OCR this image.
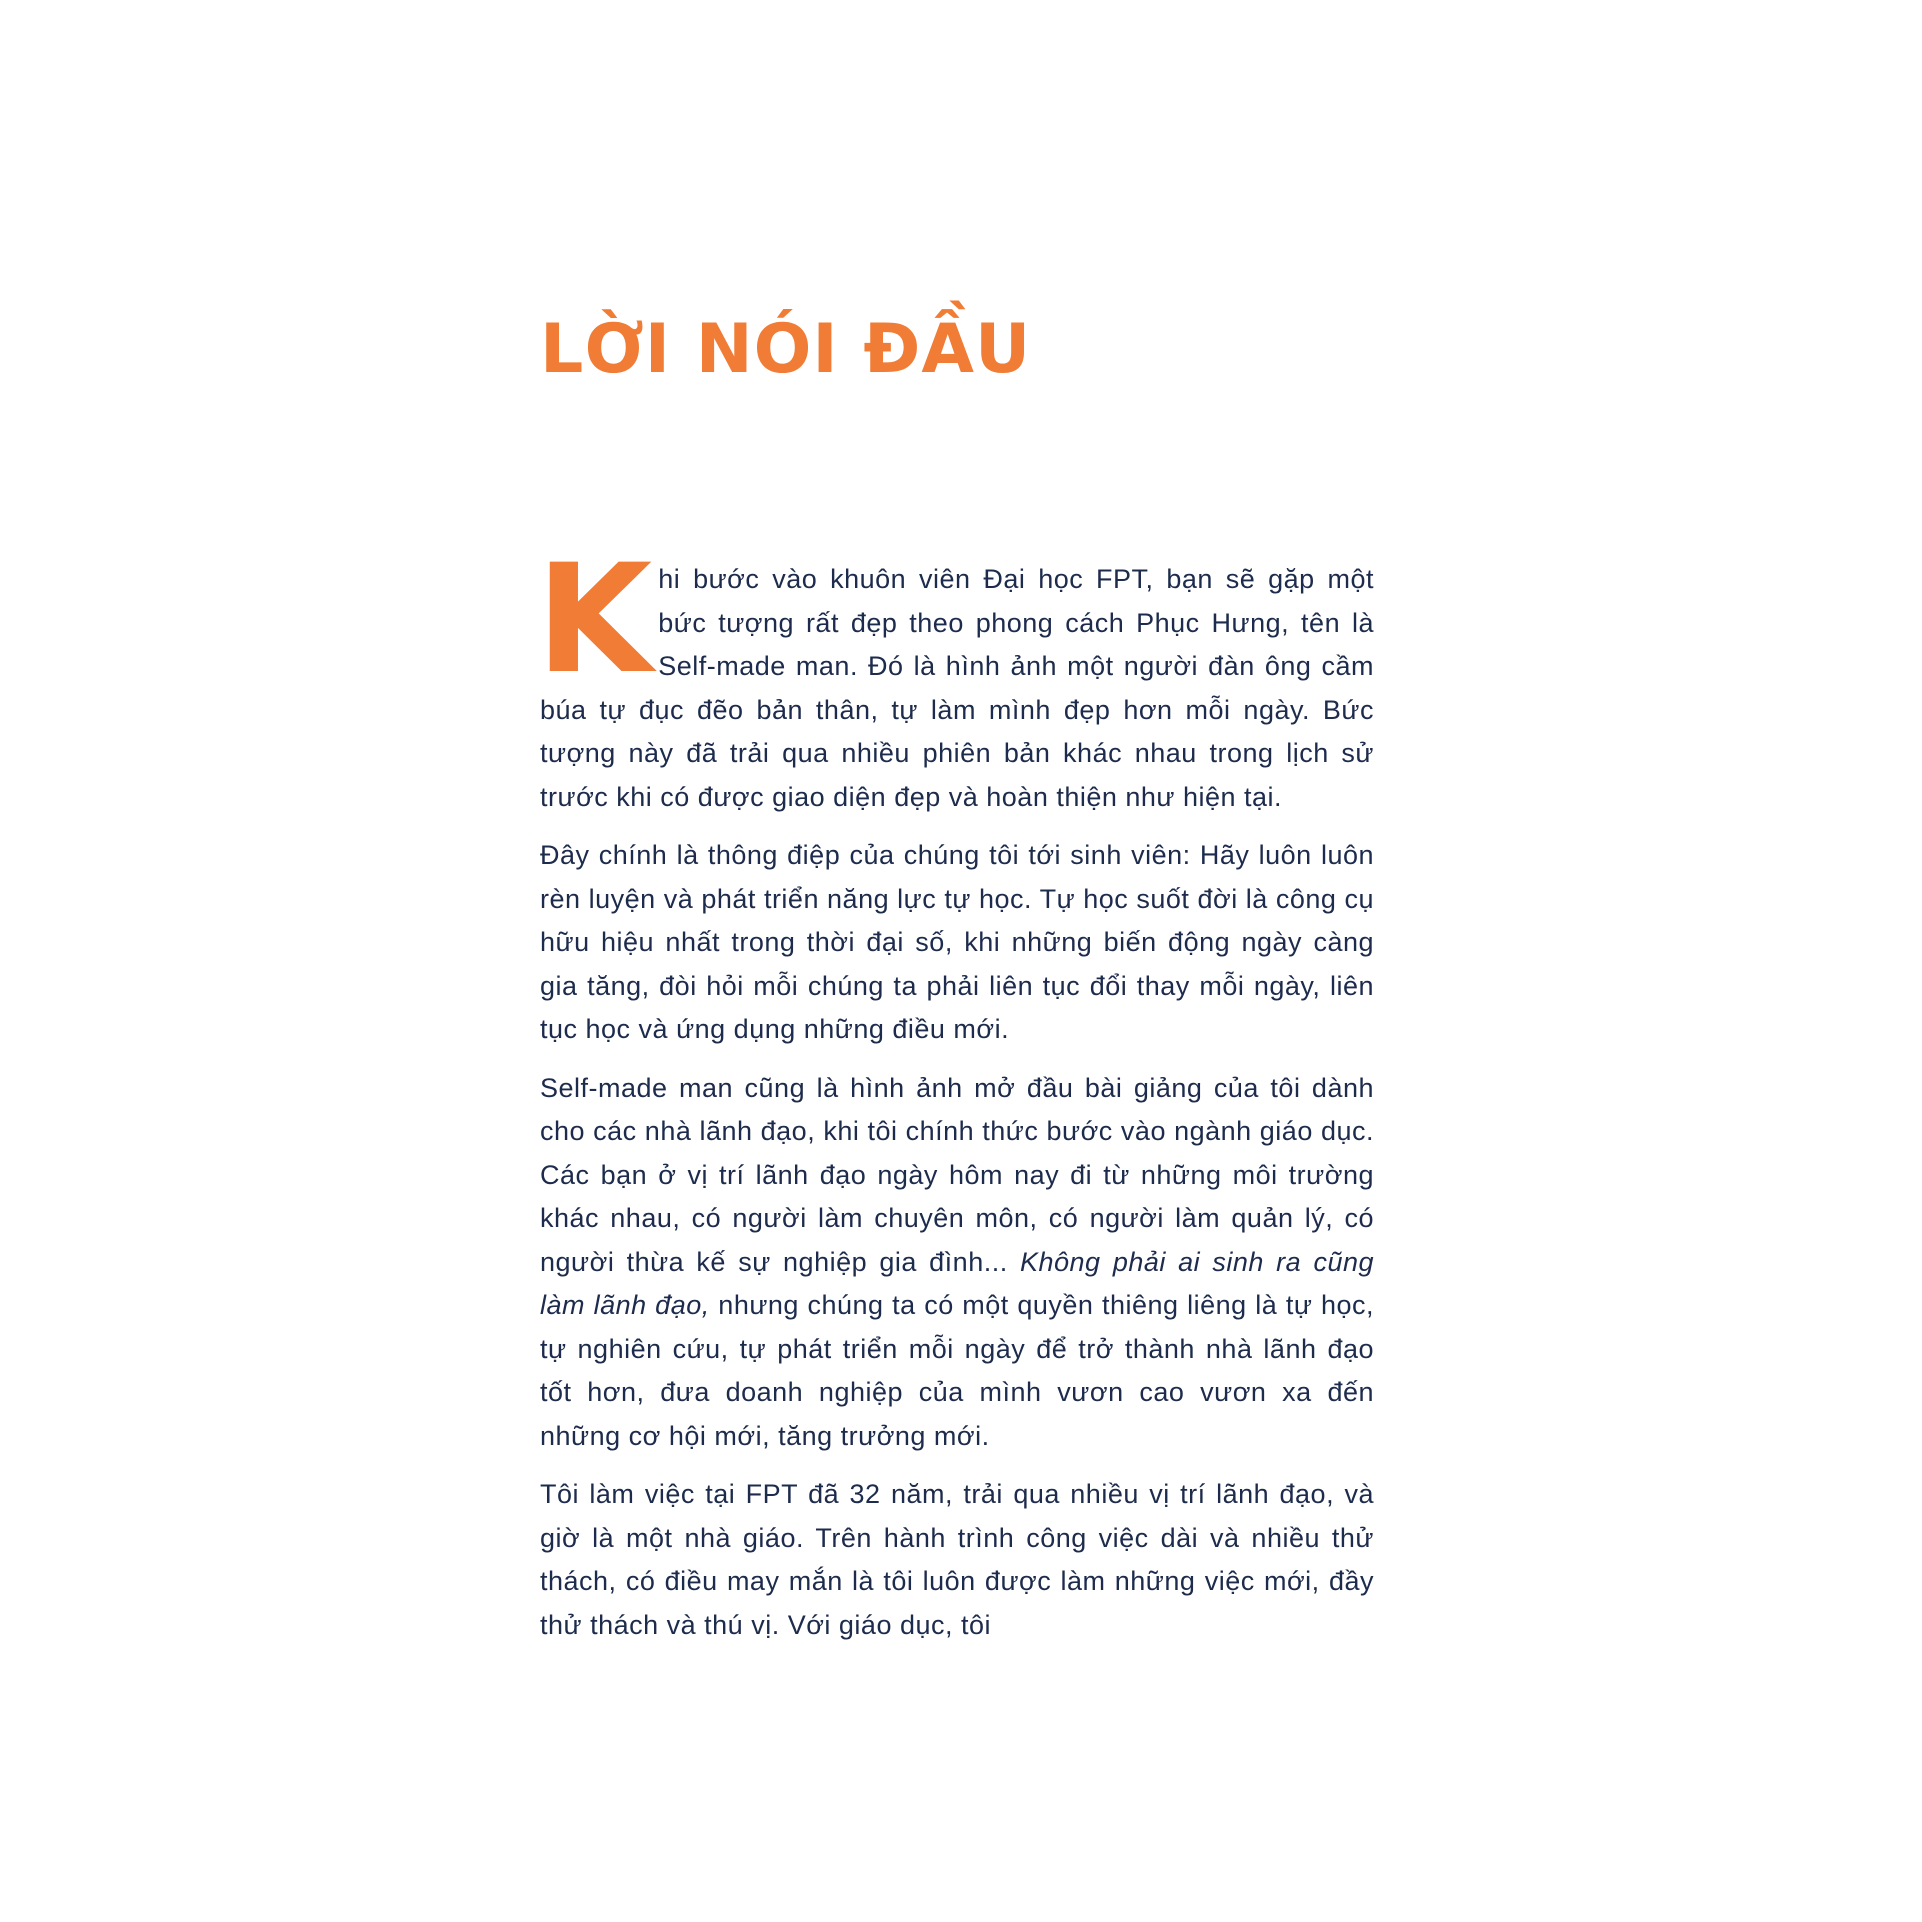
LỜI NÓI ĐẦU

Khi bước vào khuôn viên Đại học FPT, bạn sẽ gặp một bức tượng rất đẹp theo phong cách Phục Hưng, tên là Self-made man. Đó là hình ảnh một người đàn ông cầm búa tự đục đẽo bản thân, tự làm mình đẹp hơn mỗi ngày. Bức tượng này đã trải qua nhiều phiên bản khác nhau trong lịch sử trước khi có được giao diện đẹp và hoàn thiện như hiện tại.

Đây chính là thông điệp của chúng tôi tới sinh viên: Hãy luôn luôn rèn luyện và phát triển năng lực tự học. Tự học suốt đời là công cụ hữu hiệu nhất trong thời đại số, khi những biến động ngày càng gia tăng, đòi hỏi mỗi chúng ta phải liên tục đổi thay mỗi ngày, liên tục học và ứng dụng những điều mới.

Self-made man cũng là hình ảnh mở đầu bài giảng của tôi dành cho các nhà lãnh đạo, khi tôi chính thức bước vào ngành giáo dục. Các bạn ở vị trí lãnh đạo ngày hôm nay đi từ những môi trường khác nhau, có người làm chuyên môn, có người làm quản lý, có người thừa kế sự nghiệp gia đình... Không phải ai sinh ra cũng làm lãnh đạo, nhưng chúng ta có một quyền thiêng liêng là tự học, tự nghiên cứu, tự phát triển mỗi ngày để trở thành nhà lãnh đạo tốt hơn, đưa doanh nghiệp của mình vươn cao vươn xa đến những cơ hội mới, tăng trưởng mới.

Tôi làm việc tại FPT đã 32 năm, trải qua nhiều vị trí lãnh đạo, và giờ là một nhà giáo. Trên hành trình công việc dài và nhiều thử thách, có điều may mắn là tôi luôn được làm những việc mới, đầy thử thách và thú vị. Với giáo dục, tôi
